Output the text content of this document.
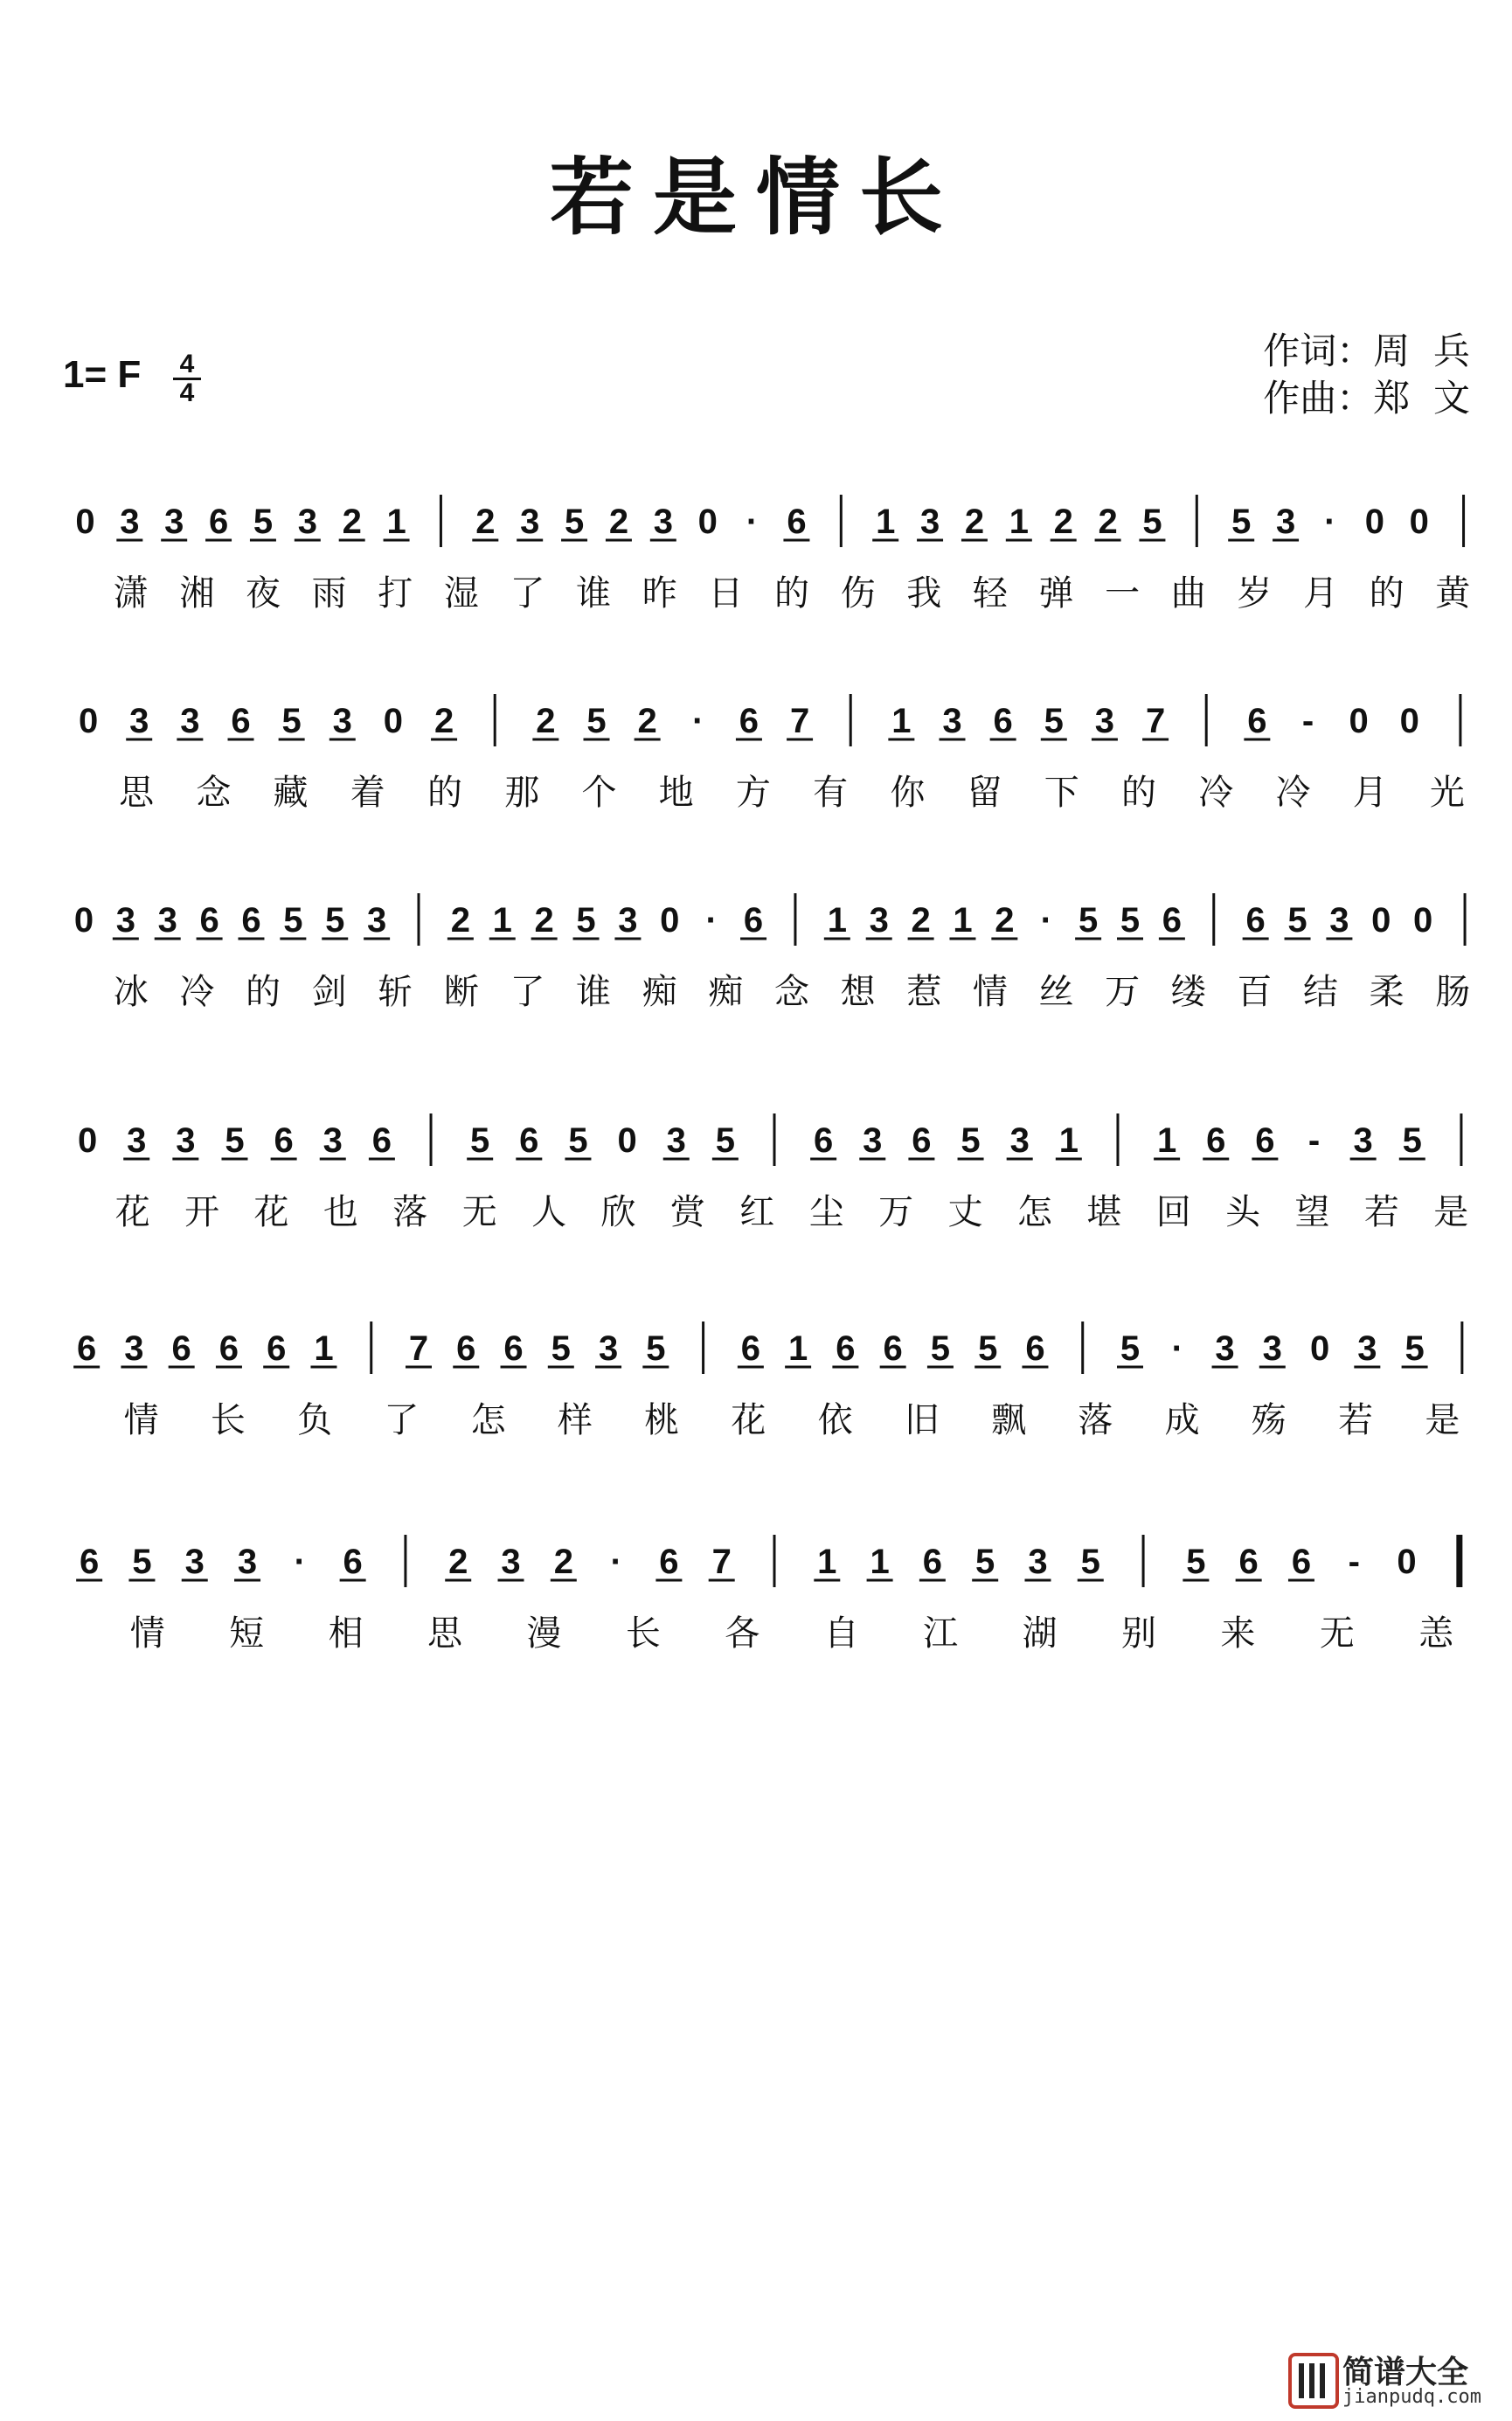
若是情长
1= F	4
4
作词：周  兵
作曲：郑  文
0 3 3 6 5 3 2 1 2 3 5 2 3 0 · 6 1 3 2 1 2 2 5 5 3 · 0 0
潇 湘 夜 雨 打 湿 了 谁 昨 日 的 伤 我 轻 弹 一 曲 岁 月 的 黄
0 3 3 6 5 3 0 2 2 5 2 · 6 7 1 3 6 5 3 7 6 - 0 0
思 念 藏 着 的 那 个 地 方 有 你 留 下 的 冷 冷 月 光
0 3 3 6 6 5 5 3 2 1 2 5 3 0 · 6 1 3 2 1 2 · 5 5 6 6 5 3 0 0
冰 冷 的 剑 斩 断 了 谁 痴 痴 念 想 惹 情 丝 万 缕 百 结 柔 肠
0 3 3 5 6 3 6 5 6 5 0 3 5 6 3 6 5 3 1 1 6 6 - 3 5
花 开 花 也 落 无 人 欣 赏 红 尘 万 丈 怎 堪 回 头 望 若 是
6 3 6 6 6 1 7 6 6 5 3 5 6 1 6 6 5 5 6 5 · 3 3 0 3 5
情 长 负 了 怎 样 桃 花 依 旧 飘 落 成 殇 若 是
6 5 3 3 · 6 2 3 2 · 6 7 1 1 6 5 3 5 5 6 6 - 0
情 短 相 思 漫 长 各 自 江 湖 别 来 无 恙
简谱大全
jianpudq.com
